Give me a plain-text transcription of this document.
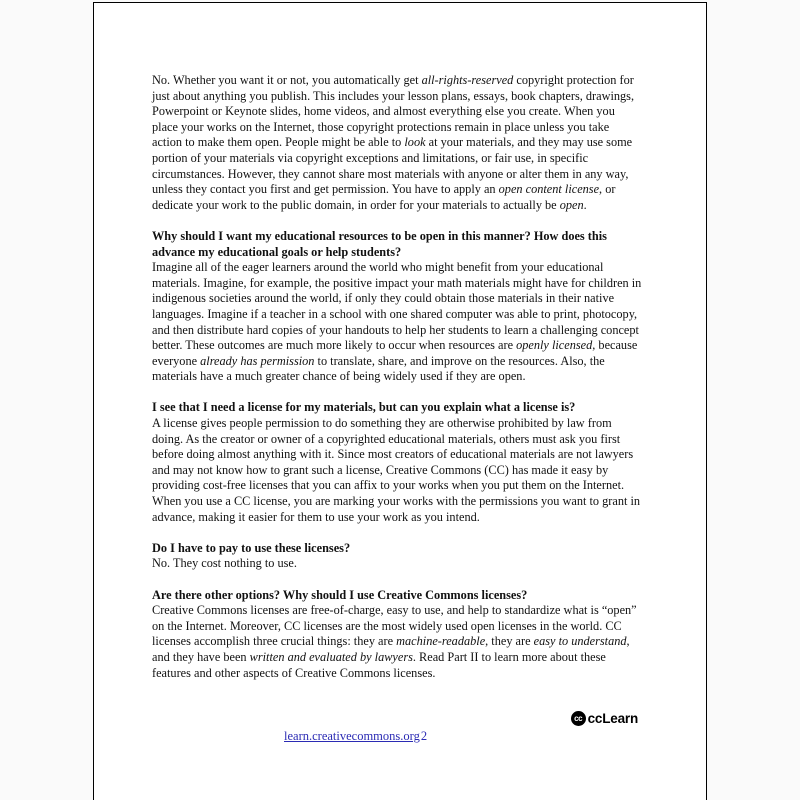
No. Whether you want it or not, you automatically get all-rights-reserved copyright protection for just about anything you publish. This includes your lesson plans, essays, book chapters, drawings, Powerpoint or Keynote slides, home videos, and almost everything else you create. When you place your works on the Internet, those copyright protections remain in place unless you take action to make them open. People might be able to look at your materials, and they may use some portion of your materials via copyright exceptions and limitations, or fair use, in specific circumstances. However, they cannot share most materials with anyone or alter them in any way, unless they contact you first and get permission. You have to apply an open content license, or dedicate your work to the public domain, in order for your materials to actually be open.

Why should I want my educational resources to be open in this manner? How does this advance my educational goals or help students?

Imagine all of the eager learners around the world who might benefit from your educational materials. Imagine, for example, the positive impact your math materials might have for children in indigenous societies around the world, if only they could obtain those materials in their native languages. Imagine if a teacher in a school with one shared computer was able to print, photocopy, and then distribute hard copies of your handouts to help her students to learn a challenging concept better. These outcomes are much more likely to occur when resources are openly licensed, because everyone already has permission to translate, share, and improve on the resources. Also, the materials have a much greater chance of being widely used if they are open.

I see that I need a license for my materials, but can you explain what a license is?

A license gives people permission to do something they are otherwise prohibited by law from doing. As the creator or owner of a copyrighted educational materials, others must ask you first before doing almost anything with it. Since most creators of educational materials are not lawyers and may not know how to grant such a license, Creative Commons (CC) has made it easy by providing cost-free licenses that you can affix to your works when you put them on the Internet. When you use a CC license, you are marking your works with the permissions you want to grant in advance, making it easier for them to use your work as you intend.

Do I have to pay to use these licenses?

No. They cost nothing to use.

Are there other options? Why should I use Creative Commons licenses?

Creative Commons licenses are free-of-charge, easy to use, and help to standardize what is “open” on the Internet. Moreover, CC licenses are the most widely used open licenses in the world. CC licenses accomplish three crucial things: they are machine-readable, they are easy to understand, and they have been written and evaluated by lawyers. Read Part II to learn more about these features and other aspects of Creative Commons licenses.

cc ccLearn
learn.creativecommons.org2
